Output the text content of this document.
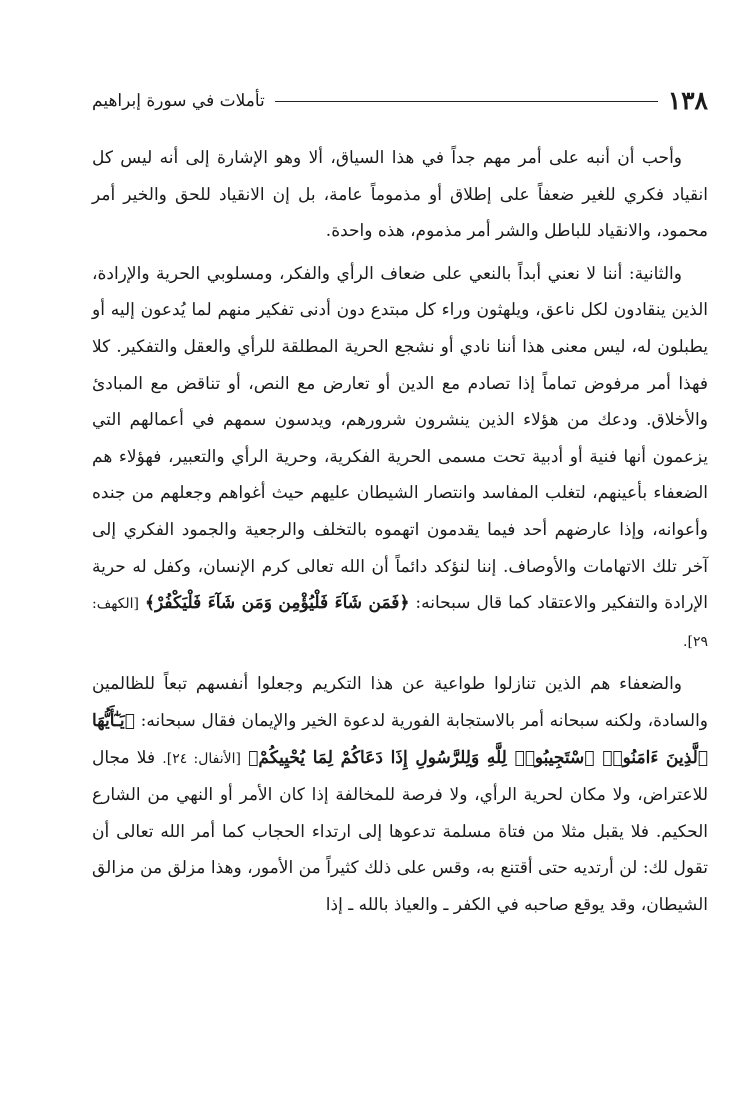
١٣٨
تأملات في سورة إبراهيم

وأحب أن أنبه على أمر مهم جداً في هذا السياق، ألا وهو الإشارة إلى أنه ليس كل انقياد فكري للغير ضعفاً على إطلاق أو مذموماً عامة، بل إن الانقياد للحق والخير أمر محمود، والانقياد للباطل والشر أمر مذموم، هذه واحدة.

والثانية: أننا لا نعني أبداً بالنعي على ضعاف الرأي والفكر، ومسلوبي الحرية والإرادة، الذين ينقادون لكل ناعق، ويلهثون وراء كل مبتدع دون أدنى تفكير منهم لما يُدعون إليه أو يطبلون له، ليس معنى هذا أننا نادي أو نشجع الحرية المطلقة للرأي والعقل والتفكير. كلا فهذا أمر مرفوض تماماً إذا تصادم مع الدين أو تعارض مع النص، أو تناقض مع المبادئ والأخلاق. ودعك من هؤلاء الذين ينشرون شرورهم، ويدسون سمهم في أعمالهم التي يزعمون أنها فنية أو أدبية تحت مسمى الحرية الفكرية، وحرية الرأي والتعبير، فهؤلاء هم الضعفاء بأعينهم، لتغلب المفاسد وانتصار الشيطان عليهم حيث أغواهم وجعلهم من جنده وأعوانه، وإذا عارضهم أحد فيما يقدمون اتهموه بالتخلف والرجعية والجمود الفكري إلى آخر تلك الاتهامات والأوصاف. إننا لنؤكد دائماً أن الله تعالى كرم الإنسان، وكفل له حرية الإرادة والتفكير والاعتقاد كما قال سبحانه: ﴿فَمَن شَآءَ فَلْيُؤْمِن وَمَن شَآءَ فَلْيَكْفُرْ﴾ [الكهف: ٢٩].

والضعفاء هم الذين تنازلوا طواعية عن هذا التكريم وجعلوا أنفسهم تبعاً للظالمين والسادة، ولكنه سبحانه أمر بالاستجابة الفورية لدعوة الخير والإيمان فقال سبحانه: ﴿يَـٰٓأَيُّهَا ٱلَّذِينَ ءَامَنُوا۟ ٱسْتَجِيبُوا۟ لِلَّهِ وَلِلرَّسُولِ إِذَا دَعَاكُمْ لِمَا يُحْيِيكُمْ﴾ [الأنفال: ٢٤]. فلا مجال للاعتراض، ولا مكان لحرية الرأي، ولا فرصة للمخالفة إذا كان الأمر أو النهي من الشارع الحكيم. فلا يقبل مثلا من فتاة مسلمة تدعوها إلى ارتداء الحجاب كما أمر الله تعالى أن تقول لك: لن أرتديه حتى أقتنع به، وقس على ذلك كثيراً من الأمور، وهذا مزلق من مزالق الشيطان، وقد يوقع صاحبه في الكفر ـ والعياذ بالله ـ إذا
